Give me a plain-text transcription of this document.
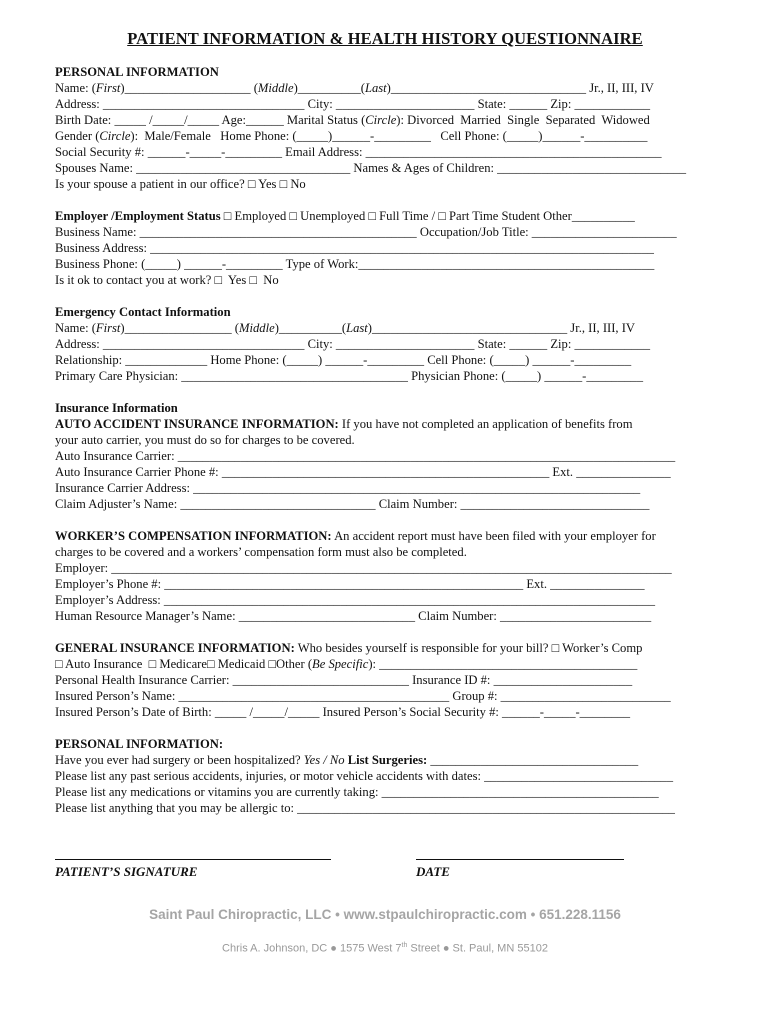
PATIENT INFORMATION & HEALTH HISTORY QUESTIONNAIRE
PERSONAL INFORMATION
Name: (First)____________________ (Middle)__________(Last)_______________________________ Jr., II, III, IV
Address: ________________________________ City: ______________________ State: ______ Zip: ____________
Birth Date: _____ /_____/_____ Age:______ Marital Status (Circle): Divorced  Married  Single  Separated  Widowed
Gender (Circle):  Male/Female   Home Phone: (_____)______-_________   Cell Phone: (_____)______-__________
Social Security #: ______-_____-_________ Email Address: _______________________________________________
Spouses Name: __________________________________ Names & Ages of Children: ______________________________
Is your spouse a patient in our office? □ Yes □ No
Employer /Employment Status □ Employed □ Unemployed □ Full Time / □ Part Time Student Other__________
Business Name: ____________________________________________ Occupation/Job Title: _______________________
Business Address: ________________________________________________________________________________
Business Phone: (_____) ______-_________ Type of Work:_______________________________________________
Is it ok to contact you at work? □  Yes □  No
Emergency Contact Information
Name: (First)_________________ (Middle)__________(Last)_______________________________ Jr., II, III, IV
Address: ________________________________ City: ______________________ State: ______ Zip: ____________
Relationship: _____________ Home Phone: (_____) ______-_________ Cell Phone: (_____) ______-_________
Primary Care Physician: ____________________________________ Physician Phone: (_____) ______-_________
Insurance Information
AUTO ACCIDENT INSURANCE INFORMATION: If you have not completed an application of benefits from
your auto carrier, you must do so for charges to be covered.
Auto Insurance Carrier: _______________________________________________________________________________
Auto Insurance Carrier Phone #: ____________________________________________________ Ext. _______________
Insurance Carrier Address: _______________________________________________________________________
Claim Adjuster’s Name: _______________________________ Claim Number: ______________________________
WORKER’S COMPENSATION INFORMATION: An accident report must have been filed with your employer for
charges to be covered and a workers’ compensation form must also be completed.
Employer: _________________________________________________________________________________________
Employer’s Phone #: _________________________________________________________ Ext. _______________
Employer’s Address: ______________________________________________________________________________
Human Resource Manager’s Name: ____________________________ Claim Number: ________________________
GENERAL INSURANCE INFORMATION: Who besides yourself is responsible for your bill? □ Worker’s Comp
□ Auto Insurance  □ Medicare□ Medicaid □Other (Be Specific): _________________________________________
Personal Health Insurance Carrier: ____________________________ Insurance ID #: ______________________
Insured Person’s Name: ___________________________________________ Group #: ___________________________
Insured Person’s Date of Birth: _____ /_____/_____ Insured Person’s Social Security #: ______-_____-________
PERSONAL INFORMATION:
Have you ever had surgery or been hospitalized? Yes / No List Surgeries: _________________________________
Please list any past serious accidents, injuries, or motor vehicle accidents with dates: ______________________________
Please list any medications or vitamins you are currently taking: ____________________________________________
Please list anything that you may be allergic to: ____________________________________________________________
PATIENT’S SIGNATURE	DATE
Saint Paul Chiropractic, LLC • www.stpaulchiropractic.com • 651.228.1156
Chris A. Johnson, DC ● 1575 West 7th Street ● St. Paul, MN 55102
